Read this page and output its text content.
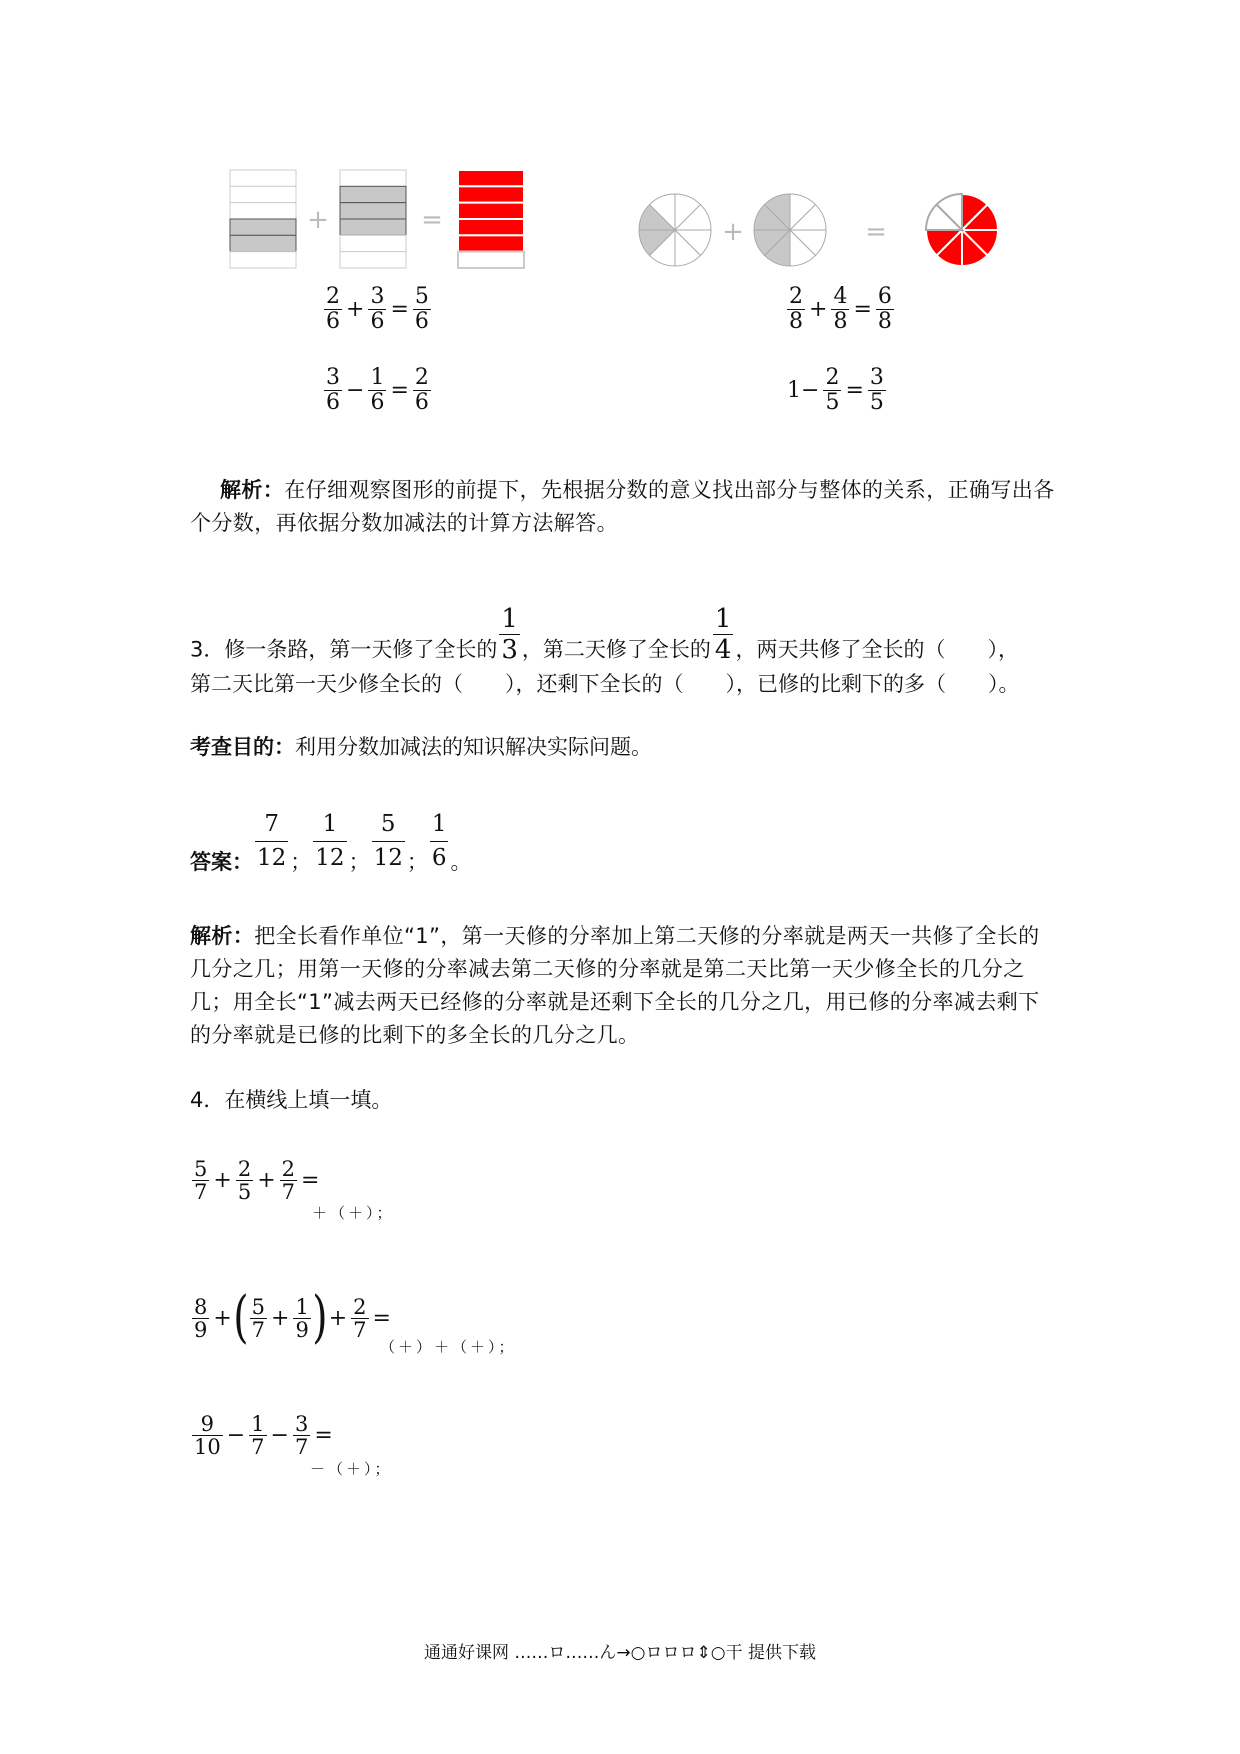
+	=	+	=
$\frac{2}{6} + \frac{3}{6} = \frac{5}{6}$
$\frac{3}{6} - \frac{1}{6} = \frac{2}{6}$
$\frac{2}{8} + \frac{4}{8} = \frac{6}{8}$
$1- \frac{2}{5} = \frac{3}{5}$
解析：在仔细观察图形的前提下，先根据分数的意义找出部分与整体的关系，正确写出各个分数，再依据分数加减法的计算方法解答。
3．修一条路，第一天修了全长的 $\frac{1}{3}$ ，第二天修了全长的 $\frac{1}{4}$ ，两天共修了全长的（　　），
第二天比第一天少修全长的（　　），还剩下全长的（　　），已修的比剩下的多（　　）。
考查目的：利用分数加减法的知识解决实际问题。
答案： $\frac{7}{12}$ ； $\frac{1}{12}$ ； $\frac{5}{12}$ ； $\frac{1}{6}$ 。
解析：把全长看作单位“1”，第一天修的分率加上第二天修的分率就是两天一共修了全长的几分之几；用第一天修的分率减去第二天修的分率就是第二天比第一天少修全长的几分之几；用全长“1”减去两天已经修的分率就是还剩下全长的几分之几，用已修的分率减去剩下的分率就是已修的比剩下的多全长的几分之几。
4．在横线上填一填。
$\frac{5}{7} + \frac{2}{5} + \frac{2}{7}$ =
＋（＋）；
$\frac{8}{9}$ + ( $\frac{5}{7} + \frac{1}{9}$ ) + $\frac{2}{7}$ =
（＋）＋（＋）；
$\frac{9}{10} - \frac{1}{7} - \frac{3}{7}$ =
－（＋）；
通通好课网 ……ロ……ん→○ロロロ⇕○干 提供下载
